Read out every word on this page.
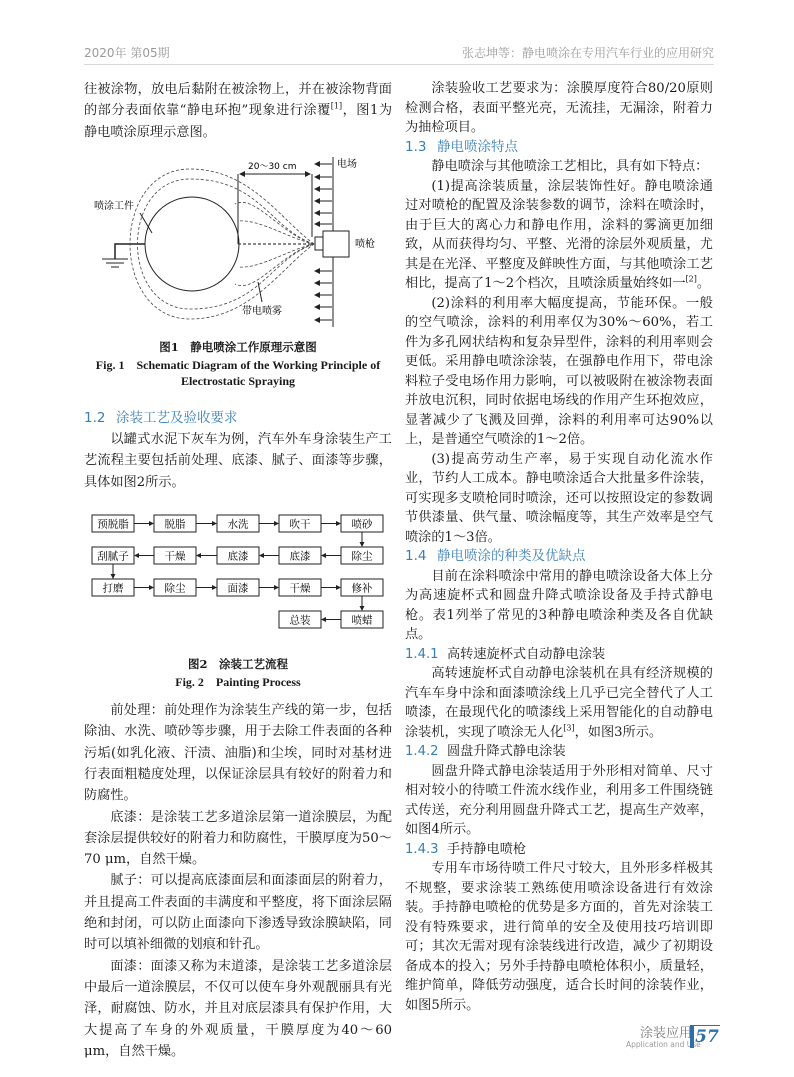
2020年 第05期	张志坤等：静电喷涂在专用汽车行业的应用研究

往被涂物，放电后黏附在被涂物上，并在被涂物背面的部分表面依靠“静电环抱”现象进行涂覆[1]，图1为静电喷涂原理示意图。

20～30 cm	电场
喷枪
喷涂工件
带电喷雾
图1　静电喷涂工作原理示意图
Fig. 1　Schematic Diagram of the Working Principle of Electrostatic Spraying
1.2 涂装工艺及验收要求

以罐式水泥下灰车为例，汽车外车身涂装生产工艺流程主要包括前处理、底漆、腻子、面漆等步骤，具体如图2所示。

预脱脂	脱脂	水洗	吹干	喷砂
刮腻子	干燥	底漆	底漆	除尘
打磨	除尘	面漆	干燥	修补
总装	喷蜡
图2　涂装工艺流程
Fig. 2　Painting Process

前处理：前处理作为涂装生产线的第一步，包括除油、水洗、喷砂等步骤，用于去除工件表面的各种污垢(如乳化液、汗渍、油脂)和尘埃，同时对基材进行表面粗糙度处理，以保证涂层具有较好的附着力和防腐性。

底漆：是涂装工艺多道涂层第一道涂膜层，为配套涂层提供较好的附着力和防腐性，干膜厚度为50～70 μm，自然干燥。

腻子：可以提高底漆面层和面漆面层的附着力，并且提高工件表面的丰满度和平整度，将下面涂层隔绝和封闭，可以防止面漆向下渗透导致涂膜缺陷，同时可以填补细微的划痕和针孔。

面漆：面漆又称为末道漆，是涂装工艺多道涂层中最后一道涂膜层，不仅可以使车身外观靓丽具有光泽，耐腐蚀、防水，并且对底层漆具有保护作用，大大提高了车身的外观质量，干膜厚度为40～60 μm，自然干燥。

涂装验收工艺要求为：涂膜厚度符合80/20原则检测合格，表面平整光亮，无流挂，无漏涂，附着力为抽检项目。

1.3 静电喷涂特点

静电喷涂与其他喷涂工艺相比，具有如下特点：

(1)提高涂装质量，涂层装饰性好。静电喷涂通过对喷枪的配置及涂装参数的调节，涂料在喷涂时，由于巨大的离心力和静电作用，涂料的雾滴更加细致，从而获得均匀、平整、光滑的涂层外观质量，尤其是在光泽、平整度及鲜映性方面，与其他喷涂工艺相比，提高了1～2个档次，且喷涂质量始终如一[2]。

(2)涂料的利用率大幅度提高，节能环保。一般的空气喷涂，涂料的利用率仅为30%～60%，若工件为多孔网状结构和复杂异型件，涂料的利用率则会更低。采用静电喷涂涂装，在强静电作用下，带电涂料粒子受电场作用力影响，可以被吸附在被涂物表面并放电沉积，同时依据电场线的作用产生环抱效应，显著减少了飞溅及回弹，涂料的利用率可达90%以上，是普通空气喷涂的1～2倍。

(3)提高劳动生产率，易于实现自动化流水作业，节约人工成本。静电喷涂适合大批量多件涂装，可实现多支喷枪同时喷涂，还可以按照设定的参数调节供漆量、供气量、喷涂幅度等，其生产效率是空气喷涂的1～3倍。

1.4 静电喷涂的种类及优缺点

目前在涂料喷涂中常用的静电喷涂设备大体上分为高速旋杯式和圆盘升降式喷涂设备及手持式静电枪。表1列举了常见的3种静电喷涂种类及各自优缺点。

1.4.1 高转速旋杯式自动静电涂装

高转速旋杯式自动静电涂装机在具有经济规模的汽车车身中涂和面漆喷涂线上几乎已完全替代了人工喷漆，在最现代化的喷漆线上采用智能化的自动静电涂装机，实现了喷涂无人化[3]，如图3所示。

1.4.2 圆盘升降式静电涂装

圆盘升降式静电涂装适用于外形相对简单、尺寸相对较小的待喷工件流水线作业，利用多工件围绕链式传送，充分利用圆盘升降式工艺，提高生产效率，如图4所示。

1.4.3 手持静电喷枪

专用车市场待喷工件尺寸较大，且外形多样极其不规整，要求涂装工熟练使用喷涂设备进行有效涂装。手持静电喷枪的优势是多方面的，首先对涂装工没有特殊要求，进行简单的安全及使用技巧培训即可；其次无需对现有涂装线进行改造，减少了初期设备成本的投入；另外手持静电喷枪体积小，质量轻，维护简单，降低劳动强度，适合长时间的涂装作业，如图5所示。

涂装应用
Application and Use
57
